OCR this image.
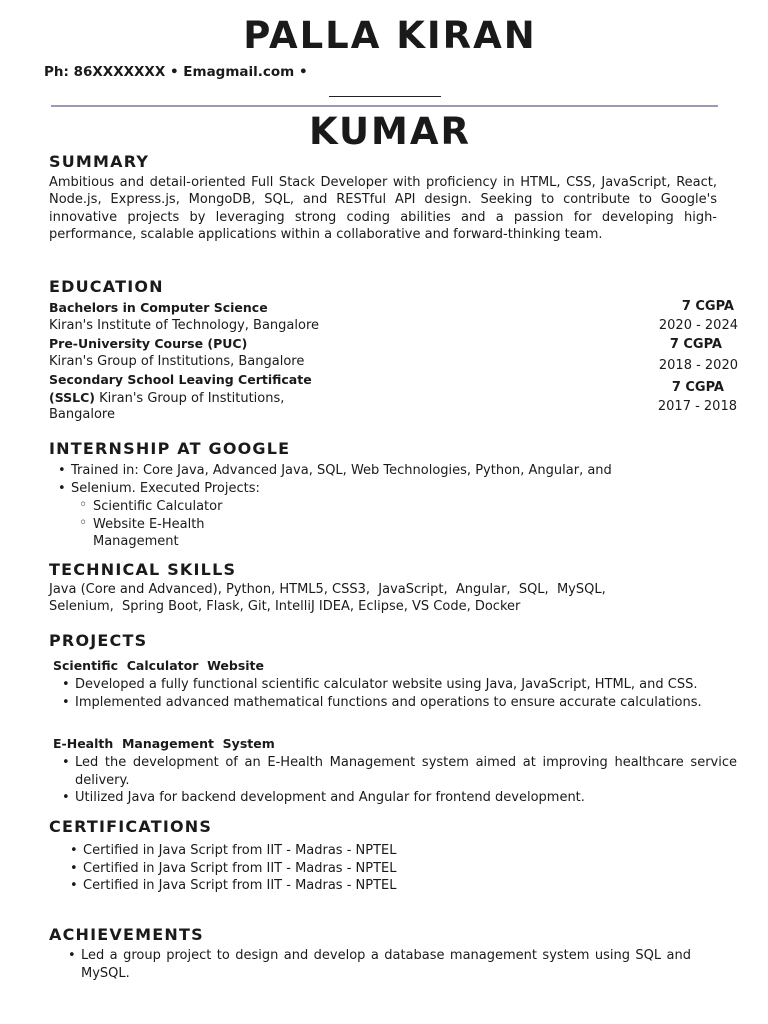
PALLA KIRAN
Ph: 86XXXXXXX • Emagmail.com •
KUMAR
SUMMARY
Ambitious and detail-oriented Full Stack Developer with proficiency in HTML, CSS, JavaScript, React, Node.js, Express.js, MongoDB, SQL, and RESTful API design. Seeking to contribute to Google's innovative projects by leveraging strong coding abilities and a passion for developing high- performance, scalable applications within a collaborative and forward-thinking team.
EDUCATION
Bachelors in Computer Science
Kiran's Institute of Technology, Bangalore
7 CGPA
2020 - 2024
Pre-University Course (PUC)
Kiran's Group of Institutions, Bangalore
7 CGPA
2018 - 2020
Secondary School Leaving Certificate
(SSLC) Kiran's Group of Institutions,
Bangalore
7 CGPA
2017 - 2018
INTERNSHIP AT GOOGLE
• Trained in: Core Java, Advanced Java, SQL, Web Technologies, Python, Angular, and
• Selenium. Executed Projects:
◦ Scientific Calculator
◦ Website E-Health Management
TECHNICAL SKILLS
Java (Core and Advanced), Python, HTML5, CSS3,  JavaScript,  Angular,  SQL,  MySQL,
Selenium,  Spring Boot, Flask, Git, IntelliJ IDEA, Eclipse, VS Code, Docker
PROJECTS
Scientific  Calculator  Website
• Developed a fully functional scientific calculator website using Java, JavaScript, HTML, and CSS.
• Implemented advanced mathematical functions and operations to ensure accurate calculations.
E-Health  Management  System
• Led the development of an E-Health Management system aimed at improving healthcare service delivery.
• Utilized Java for backend development and Angular for frontend development.
CERTIFICATIONS
• Certified in Java Script from IIT - Madras - NPTEL
• Certified in Java Script from IIT - Madras - NPTEL
• Certified in Java Script from IIT - Madras - NPTEL
ACHIEVEMENTS
• Led a group project to design and develop a database management system using SQL and MySQL.
